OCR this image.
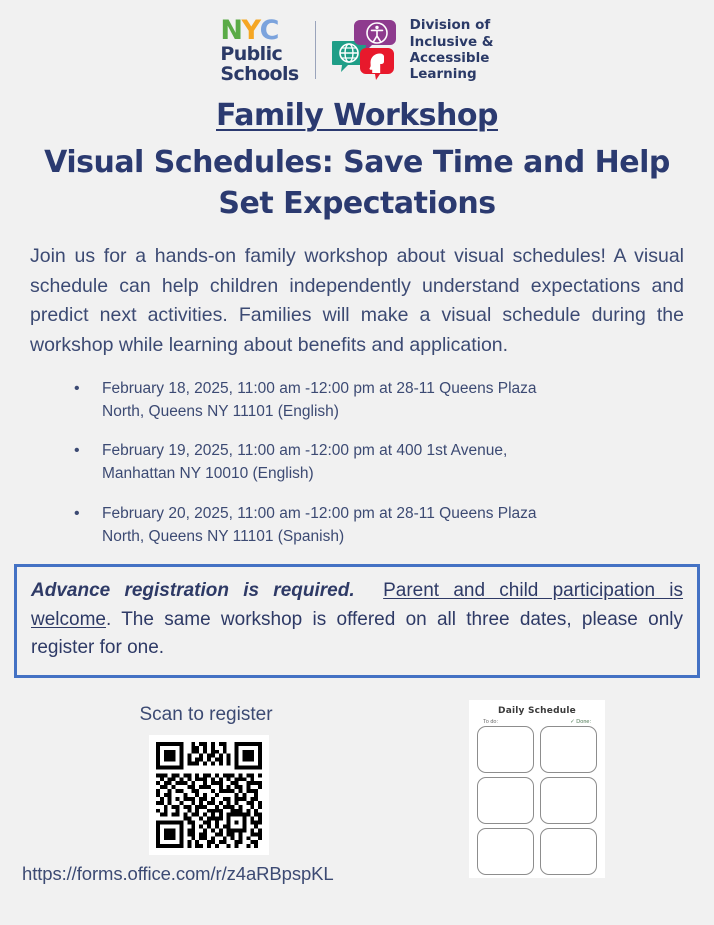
N Y C
Public
Schools
Division of
Inclusive &
Accessible
Learning
Family Workshop
Visual Schedules: Save Time and Help Set Expectations

Join us for a hands-on family workshop about visual schedules! A visual schedule can help children independently understand expectations and predict next activities. Families will make a visual schedule during the workshop while learning about benefits and application.

•	February 18, 2025, 11:00 am -12:00 pm at 28-11 Queens Plaza North, Queens NY 11101 (English)
•	February 19, 2025, 11:00 am -12:00 pm at 400 1st Avenue, Manhattan NY 10010 (English)
•	February 20, 2025, 11:00 am -12:00 pm at 28-11 Queens Plaza North, Queens NY 11101 (Spanish)
Advance registration is required. Parent and child participation is welcome. The same workshop is offered on all three dates, please only register for one.
Scan to register
https://forms.office.com/r/z4aRBpspKL
Daily Schedule
To do:	✓ Done:
